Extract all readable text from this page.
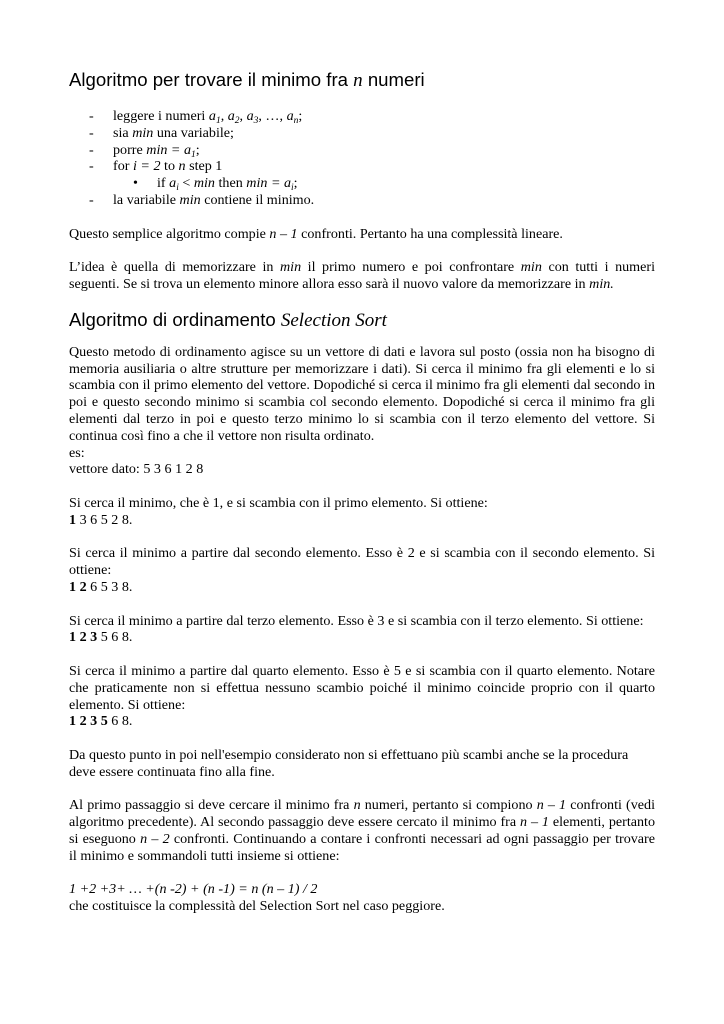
Algoritmo per trovare il minimo fra n numeri
- leggere i numeri $a_1$, $a_2$, $a_3$, …, $a_n$;
- sia min una variabile;
- porre $\min = a_1$;
- for i = 2 to n step 1
• if $a_i < \min$ then $\min = a_i$;
- la variabile min contiene il minimo.

Questo semplice algoritmo compie n – 1 confronti. Pertanto ha una complessità lineare.

L’idea è quella di memorizzare in min il primo numero e poi confrontare min con tutti i numeri seguenti. Se si trova un elemento minore allora esso sarà il nuovo valore da memorizzare in min.

Algoritmo di ordinamento Selection Sort

Questo metodo di ordinamento agisce su un vettore di dati e lavora sul posto (ossia non ha bisogno di memoria ausiliaria o altre strutture per memorizzare i dati). Si cerca il minimo fra gli elementi e lo si scambia con il primo elemento del vettore. Dopodiché si cerca il minimo fra gli elementi dal secondo in poi e questo secondo minimo si scambia col secondo elemento. Dopodiché si cerca il minimo fra gli elementi dal terzo in poi e questo terzo minimo lo si scambia con il terzo elemento del vettore. Si continua così fino a che il vettore non risulta ordinato.

es:

vettore dato: 5 3 6 1 2 8

Si cerca il minimo, che è 1, e si scambia con il primo elemento. Si ottiene:

1 3 6 5 2 8.

Si cerca il minimo a partire dal secondo elemento. Esso è 2 e si scambia con il secondo elemento. Si ottiene:

1 2 6 5 3 8.

Si cerca il minimo a partire dal terzo elemento. Esso è 3 e si scambia con il terzo elemento. Si ottiene:

1 2 3 5 6 8.

Si cerca il minimo a partire dal quarto elemento. Esso è 5 e si scambia con il quarto elemento. Notare che praticamente non si effettua nessuno scambio poiché il minimo coincide proprio con il quarto elemento. Si ottiene:

1 2 3 5 6 8.

Da questo punto in poi nell'esempio considerato non si effettuano più scambi anche se la procedura deve essere continuata fino alla fine.

Al primo passaggio si deve cercare il minimo fra n numeri, pertanto si compiono n – 1 confronti (vedi algoritmo precedente). Al secondo passaggio deve essere cercato il minimo fra n – 1 elementi, pertanto si eseguono n – 2 confronti. Continuando a contare i confronti necessari ad ogni passaggio per trovare il minimo e sommandoli tutti insieme si ottiene:

1 +2 +3+ … +(n -2) + (n -1) = n (n – 1) / 2

che costituisce la complessità del Selection Sort nel caso peggiore.
